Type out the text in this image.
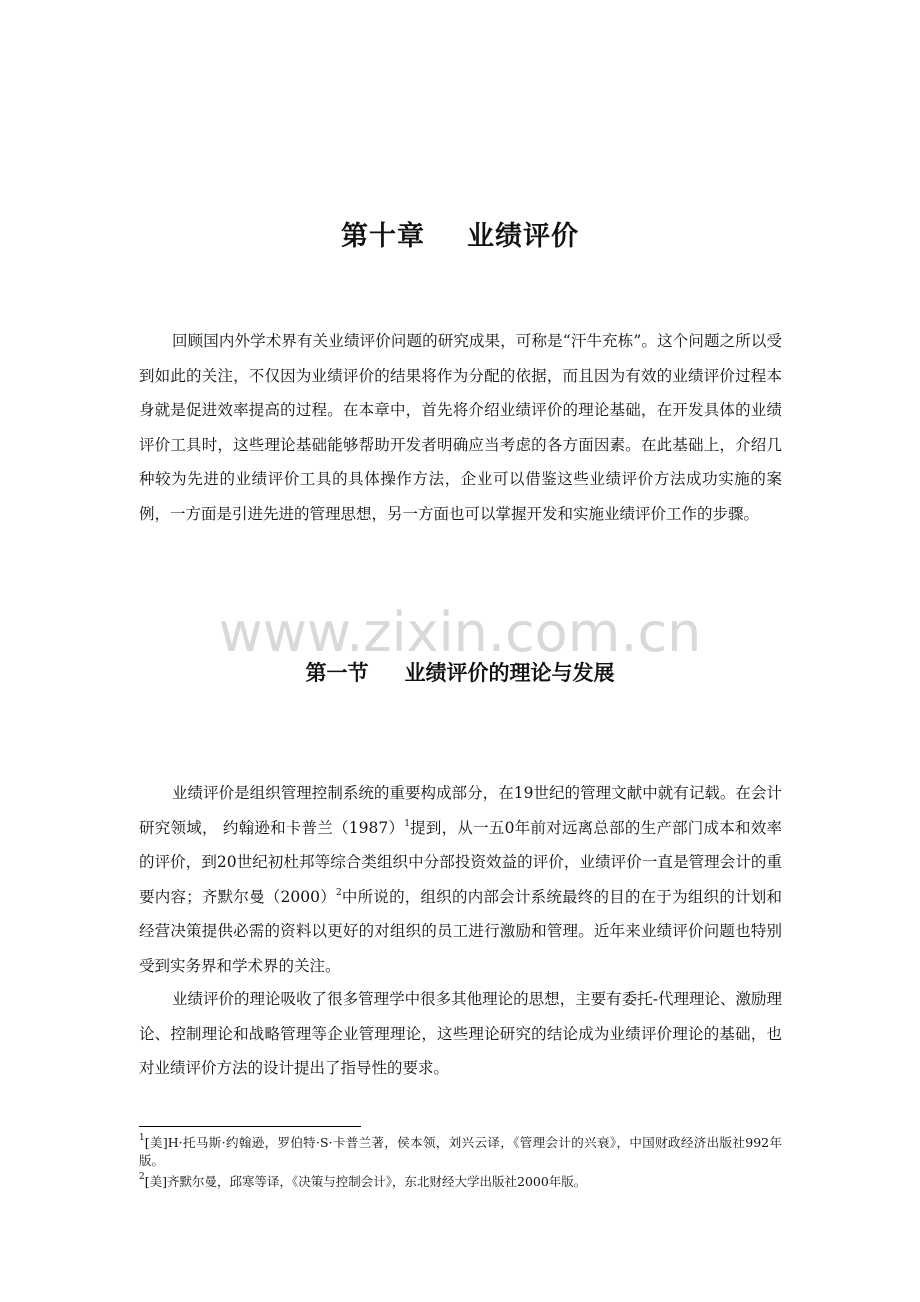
第十章 业绩评价

回顾国内外学术界有关业绩评价问题的研究成果，可称是“汗牛充栋”。这个问题之所以受到如此的关注，不仅因为业绩评价的结果将作为分配的依据，而且因为有效的业绩评价过程本身就是促进效率提高的过程。在本章中，首先将介绍业绩评价的理论基础，在开发具体的业绩评价工具时，这些理论基础能够帮助开发者明确应当考虑的各方面因素。在此基础上，介绍几种较为先进的业绩评价工具的具体操作方法，企业可以借鉴这些业绩评价方法成功实施的案例，一方面是引进先进的管理思想，另一方面也可以掌握开发和实施业绩评价工作的步骤。

www.zixin.com.cn
第一节 业绩评价的理论与发展

业绩评价是组织管理控制系统的重要构成部分，在19世纪的管理文献中就有记载。在会计研究领域， 约翰逊和卡普兰$(1987)^1$提到，从一五0年前对远离总部的生产部门成本和效率的评价，到20世纪初杜邦等综合类组织中分部投资效益的评价，业绩评价一直是管理会计的重要内容；齐默尔曼$(2000)^2$中所说的，组织的内部会计系统最终的目的在于为组织的计划和经营决策提供必需的资料以更好的对组织的员工进行激励和管理。近年来业绩评价问题也特别受到实务界和学术界的关注。

业绩评价的理论吸收了很多管理学中很多其他理论的思想，主要有委托-代理理论、激励理论、控制理论和战略管理等企业管理理论，这些理论研究的结论成为业绩评价理论的基础，也对业绩评价方法的设计提出了指导性的要求。

$^1$[美]H·托马斯·约翰逊，罗伯特·S·卡普兰著，侯本领，刘兴云译，《管理会计的兴衰》，中国财政经济出版社992年版。

$^2$[美]齐默尔曼，邱寒等译，《决策与控制会计》，东北财经大学出版社2000年版。
